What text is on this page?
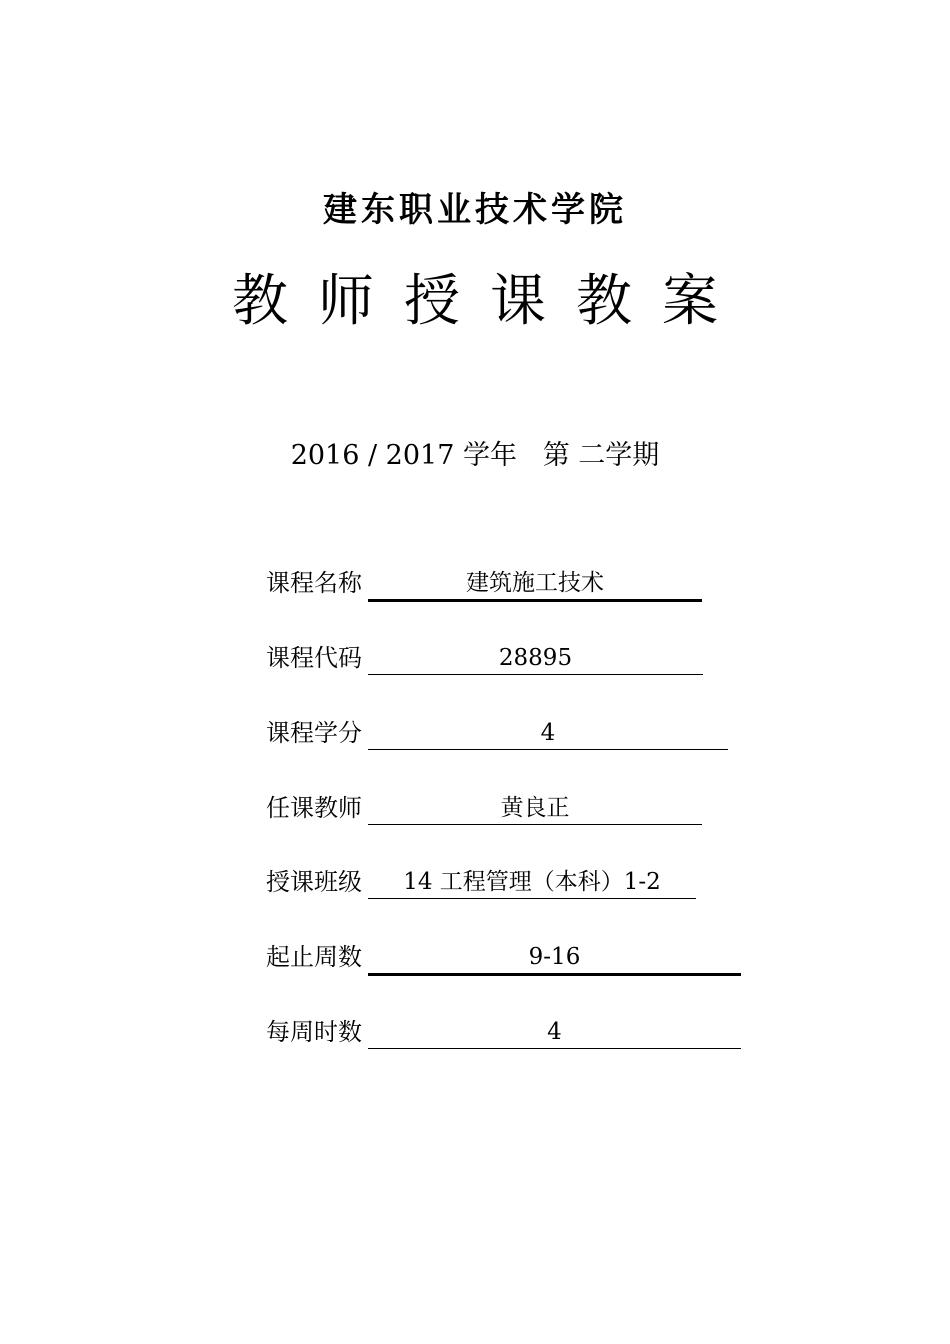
建东职业技术学院
教师授课教案
2016 / 2017 学年   第 二学期
课程名称	建筑施工技术
课程代码	28895
课程学分	4
任课教师	黄良正
授课班级	14 工程管理（本科）1-2
起止周数	9-16
每周时数	4
